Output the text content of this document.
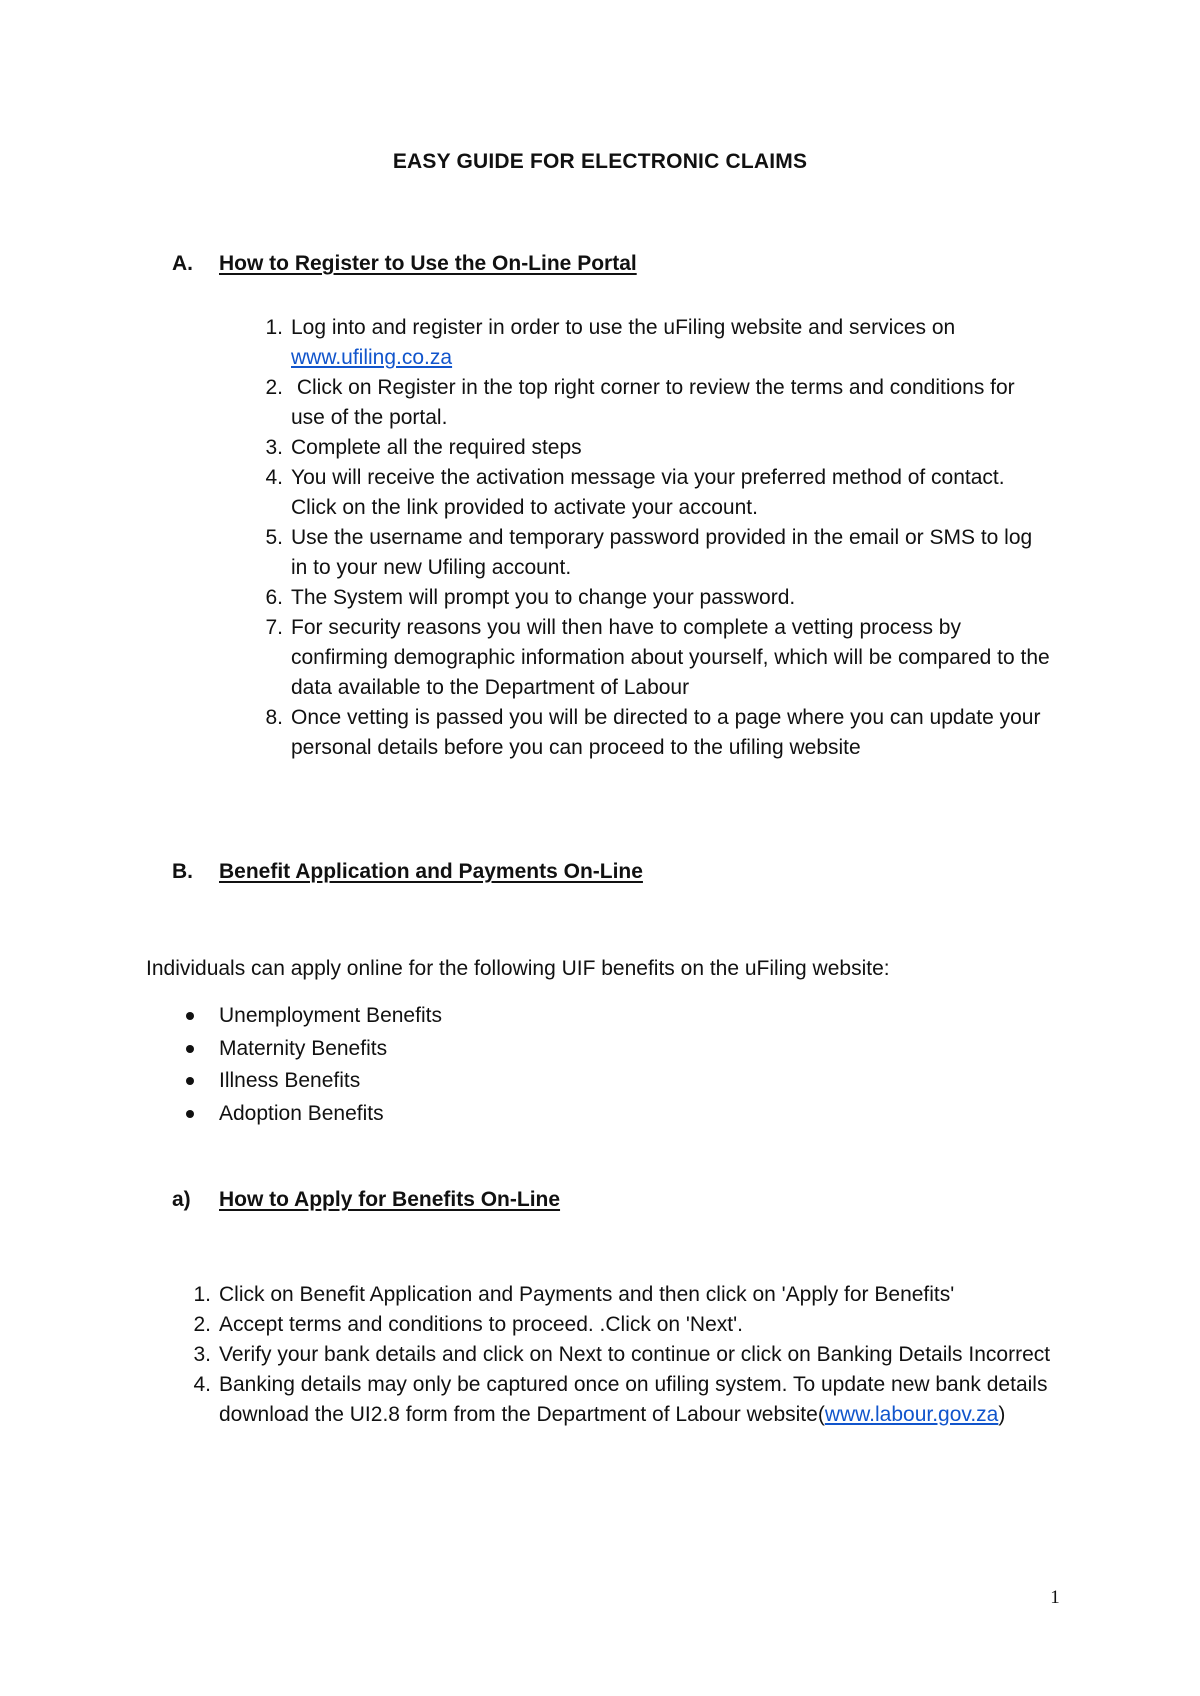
EASY GUIDE FOR ELECTRONIC CLAIMS
A. How to Register to Use the On-Line Portal
1. Log into and register in order to use the uFiling website and services on www.ufiling.co.za
2. Click on Register in the top right corner to review the terms and conditions for use of the portal.
3. Complete all the required steps
4. You will receive the activation message via your preferred method of contact. Click on the link provided to activate your account.
5. Use the username and temporary password provided in the email or SMS to log in to your new Ufiling account.
6. The System will prompt you to change your password.
7. For security reasons you will then have to complete a vetting process by confirming demographic information about yourself, which will be compared to the data available to the Department of Labour
8. Once vetting is passed you will be directed to a page where you can update your personal details before you can proceed to the ufiling website
B. Benefit Application and Payments On-Line
Individuals can apply online for the following UIF benefits on the uFiling website:
Unemployment Benefits
Maternity Benefits
Illness Benefits
Adoption Benefits
a) How to Apply for Benefits On-Line
1. Click on Benefit Application and Payments and then click on 'Apply for Benefits'
2. Accept terms and conditions to proceed. .Click on 'Next'.
3. Verify your bank details and click on Next to continue or click on Banking Details Incorrect
4. Banking details may only be captured once on ufiling system. To update new bank details download the UI2.8 form from the Department of Labour website(www.labour.gov.za)
1
